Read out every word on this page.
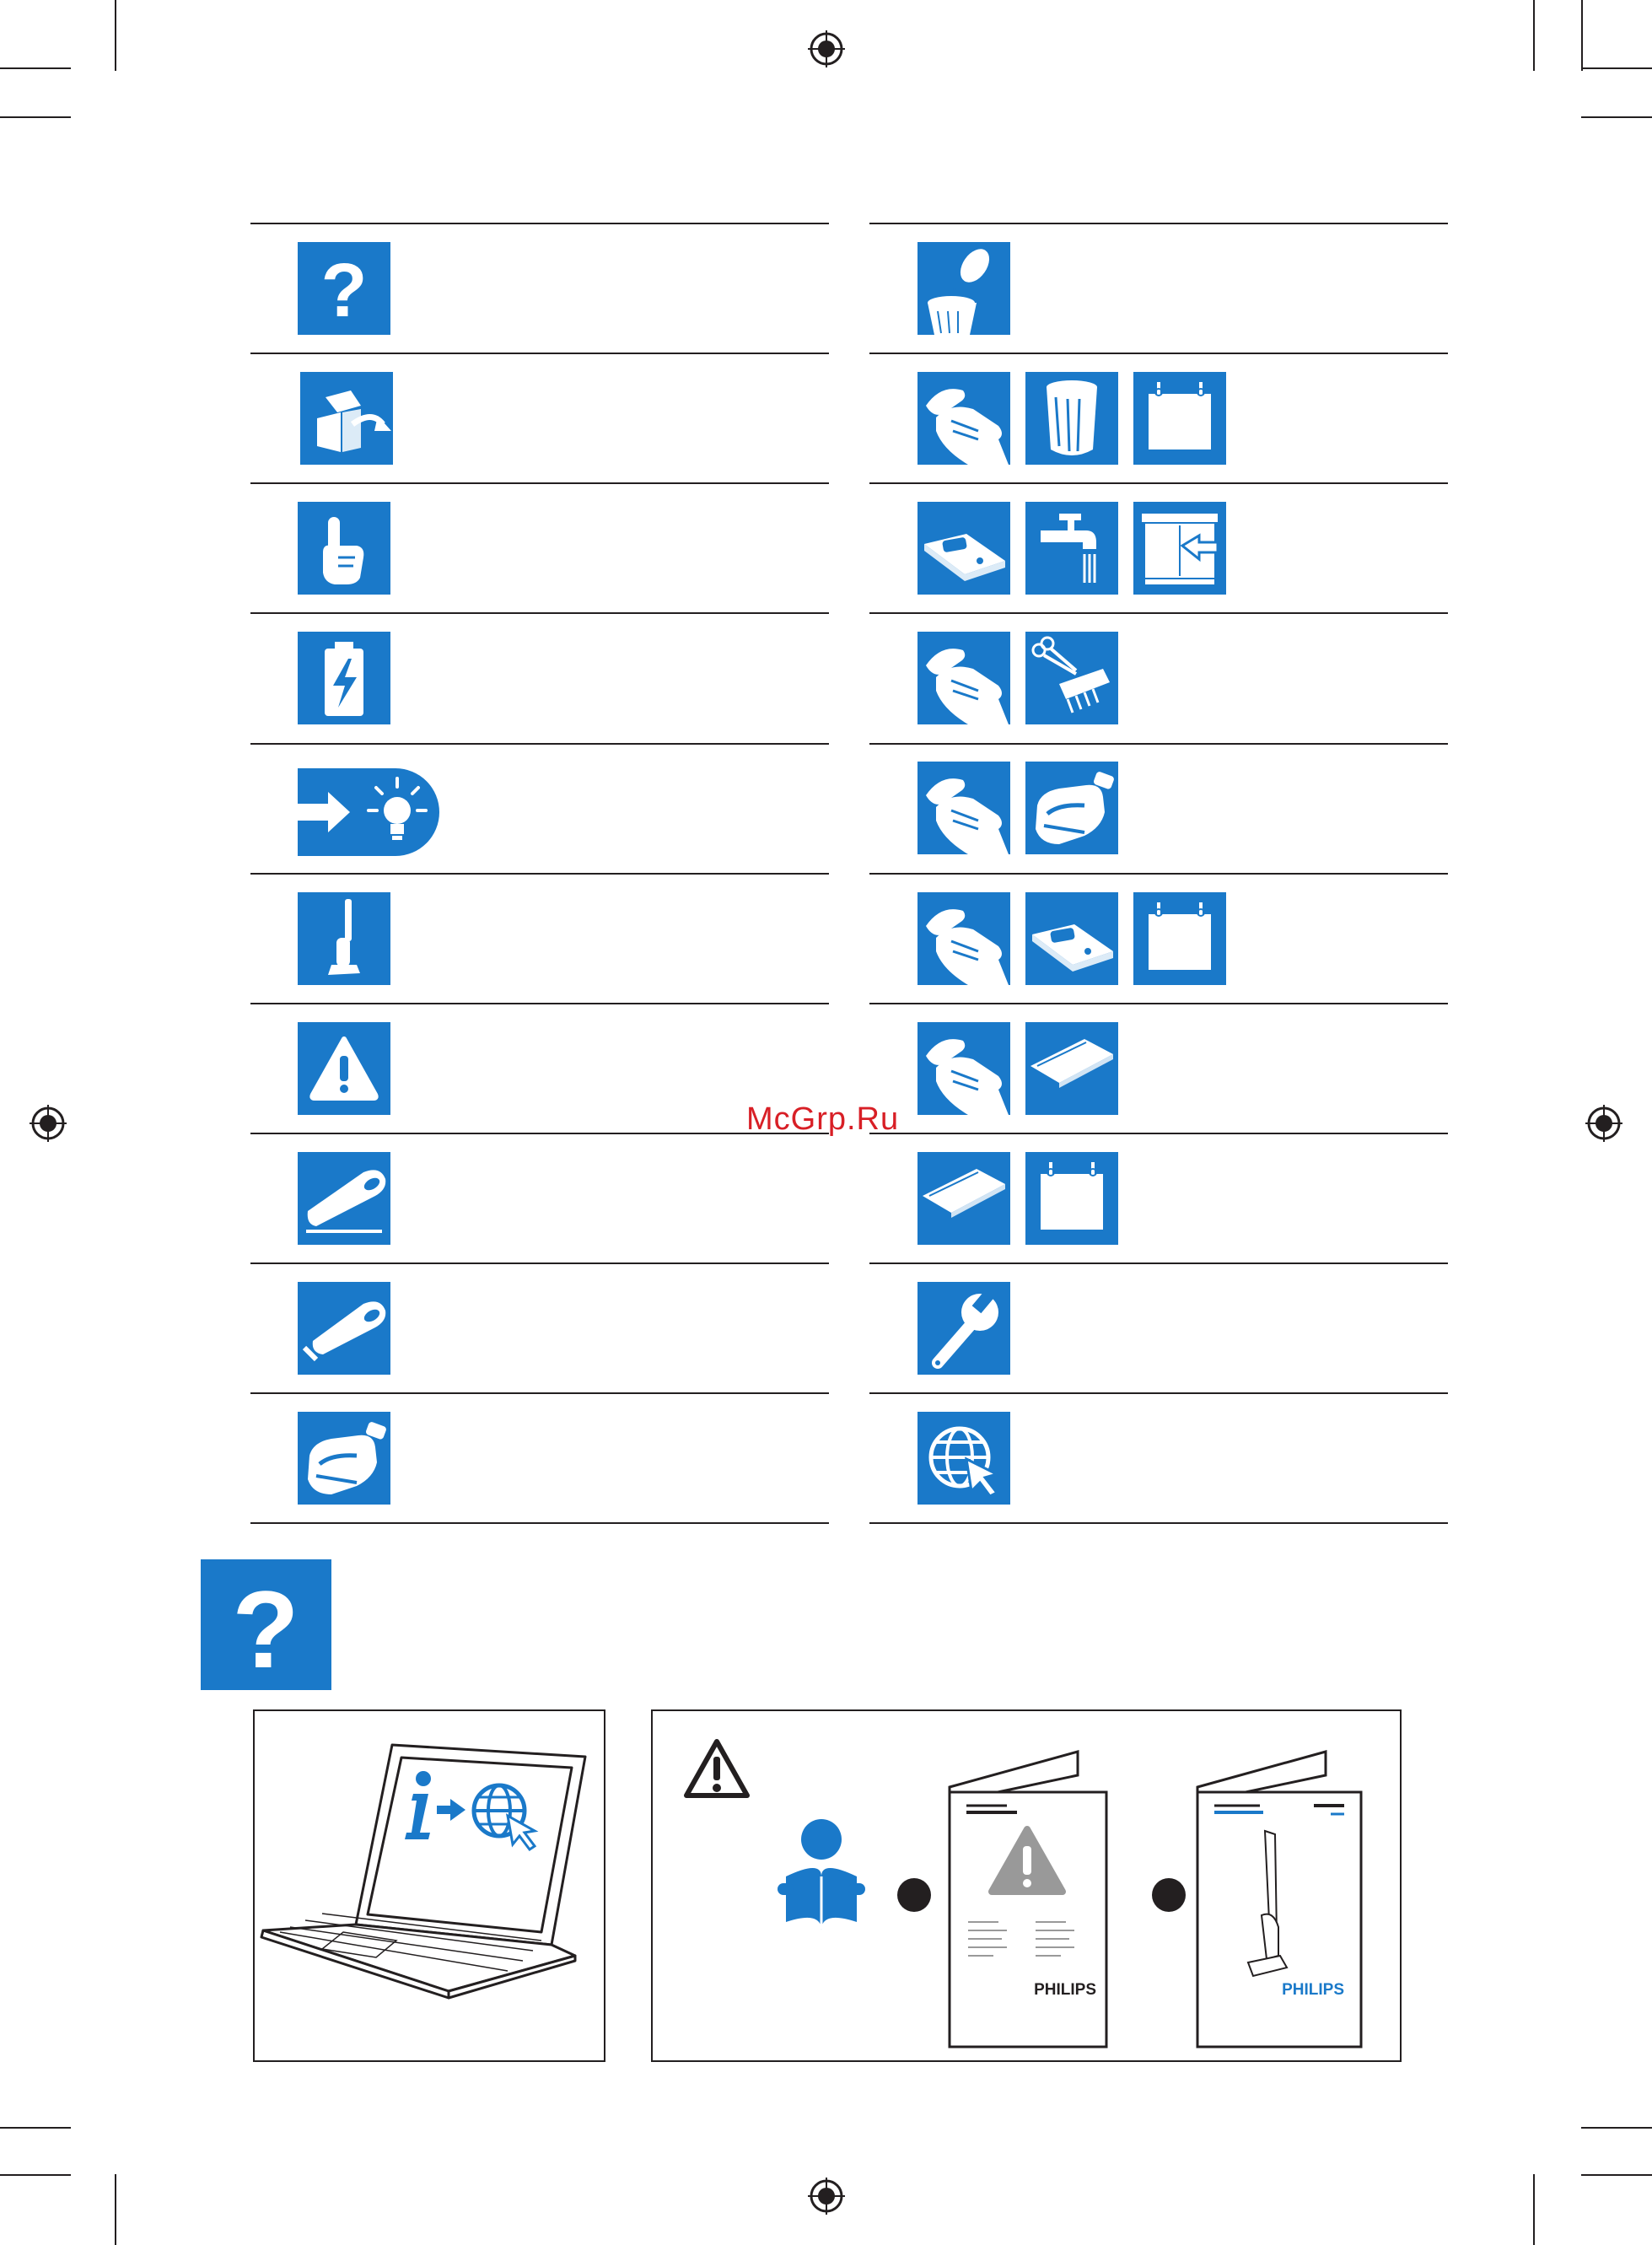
?
McGrp.Ru
?
PHILIPS	PHILIPS
